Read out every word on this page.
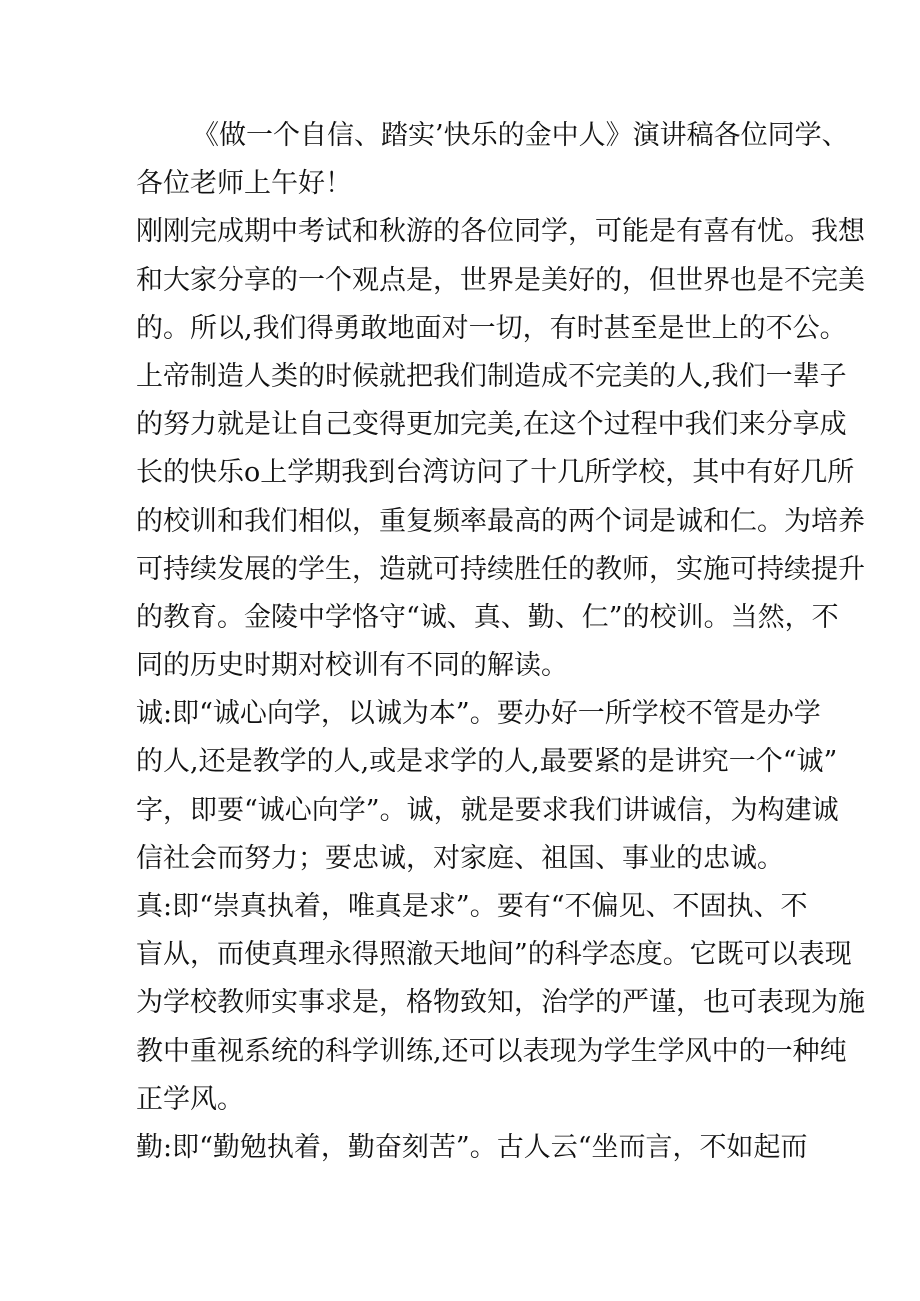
《做一个自信、踏实’快乐的金中人》演讲稿各位同学、
各位老师上午好！
刚刚完成期中考试和秋游的各位同学，可能是有喜有忧。我想
和大家分享的一个观点是，世界是美好的，但世界也是不完美
的。所以,我们得勇敢地面对一切，有时甚至是世上的不公。
上帝制造人类的时候就把我们制造成不完美的人,我们一辈子
的努力就是让自己变得更加完美,在这个过程中我们来分享成
长的快乐o上学期我到台湾访问了十几所学校，其中有好几所
的校训和我们相似，重复频率最高的两个词是诚和仁。为培养
可持续发展的学生，造就可持续胜任的教师，实施可持续提升
的教育。金陵中学恪守“诚、真、勤、仁”的校训。当然，不
同的历史时期对校训有不同的解读。
诚:即“诚心向学，以诚为本”。要办好一所学校不管是办学
的人,还是教学的人,或是求学的人,最要紧的是讲究一个“诚”
字，即要“诚心向学”。诚，就是要求我们讲诚信，为构建诚
信社会而努力；要忠诚，对家庭、祖国、事业的忠诚。
真:即“崇真执着，唯真是求”。要有“不偏见、不固执、不
盲从，而使真理永得照澈天地间”的科学态度。它既可以表现
为学校教师实事求是，格物致知，治学的严谨，也可表现为施
教中重视系统的科学训练,还可以表现为学生学风中的一种纯
正学风。
勤:即“勤勉执着，勤奋刻苦”。古人云“坐而言，不如起而
